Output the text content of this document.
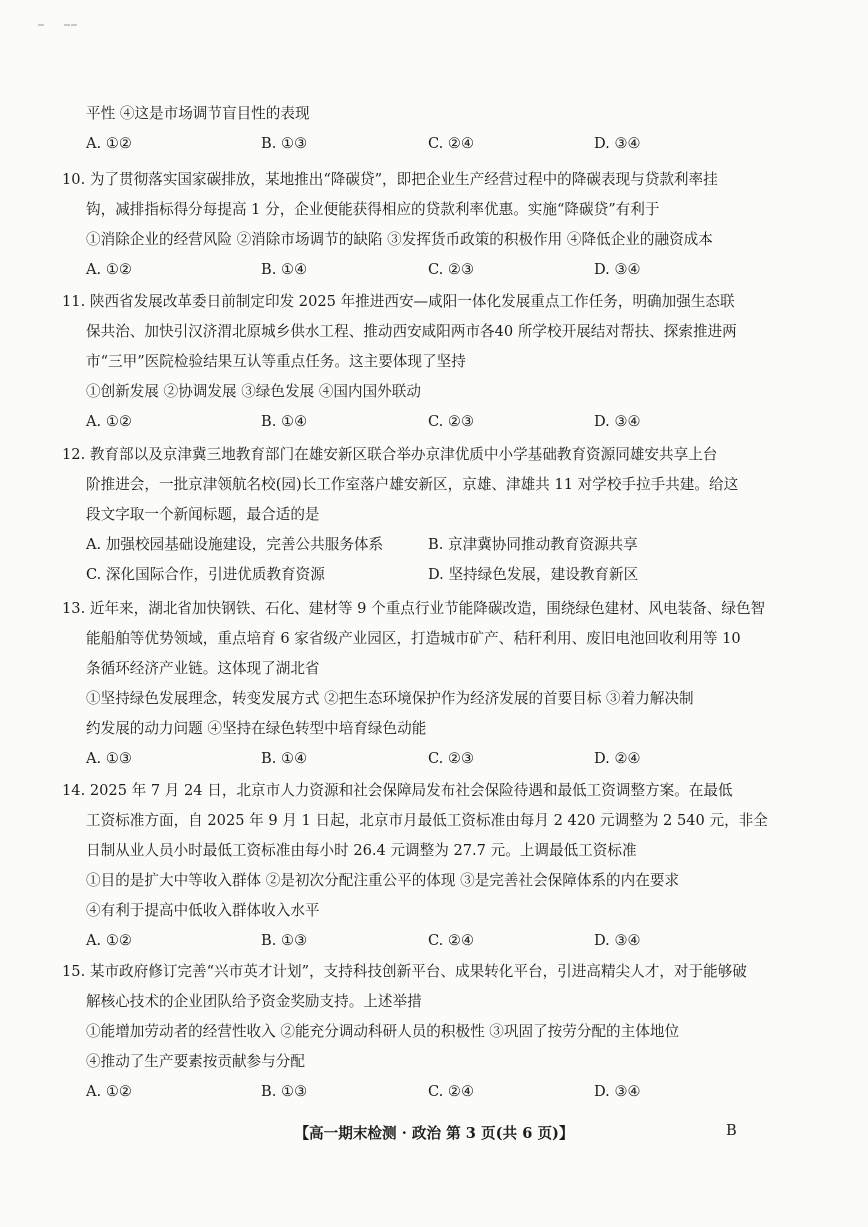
平性 ④这是市场调节盲目性的表现
A. ①②	B. ①③	C. ②④	D. ③④
10. 为了贯彻落实国家碳排放，某地推出“降碳贷”，即把企业生产经营过程中的降碳表现与贷款利率挂
钩，减排指标得分每提高 1 分，企业便能获得相应的贷款利率优惠。实施“降碳贷”有利于
①消除企业的经营风险 ②消除市场调节的缺陷 ③发挥货币政策的积极作用 ④降低企业的融资成本
A. ①②	B. ①④	C. ②③	D. ③④
11. 陕西省发展改革委日前制定印发 2025 年推进西安—咸阳一体化发展重点工作任务，明确加强生态联
保共治、加快引汉济渭北原城乡供水工程、推动西安咸阳两市各40 所学校开展结对帮扶、探索推进两
市“三甲”医院检验结果互认等重点任务。这主要体现了坚持
①创新发展 ②协调发展 ③绿色发展 ④国内国外联动
A. ①②	B. ①④	C. ②③	D. ③④
12. 教育部以及京津冀三地教育部门在雄安新区联合举办京津优质中小学基础教育资源同雄安共享上台
阶推进会，一批京津领航名校(园)长工作室落户雄安新区，京雄、津雄共 11 对学校手拉手共建。给这
段文字取一个新闻标题，最合适的是
A. 加强校园基础设施建设，完善公共服务体系	B. 京津冀协同推动教育资源共享
C. 深化国际合作，引进优质教育资源	D. 坚持绿色发展，建设教育新区
13. 近年来，湖北省加快钢铁、石化、建材等 9 个重点行业节能降碳改造，围绕绿色建材、风电装备、绿色智
能船舶等优势领域，重点培育 6 家省级产业园区，打造城市矿产、秸秆利用、废旧电池回收利用等 10
条循环经济产业链。这体现了湖北省
①坚持绿色发展理念，转变发展方式 ②把生态环境保护作为经济发展的首要目标 ③着力解决制
约发展的动力问题 ④坚持在绿色转型中培育绿色动能
A. ①③	B. ①④	C. ②③	D. ②④
14. 2025 年 7 月 24 日，北京市人力资源和社会保障局发布社会保险待遇和最低工资调整方案。在最低
工资标准方面，自 2025 年 9 月 1 日起，北京市月最低工资标准由每月 2 420 元调整为 2 540 元，非全
日制从业人员小时最低工资标准由每小时 26.4 元调整为 27.7 元。上调最低工资标准
①目的是扩大中等收入群体 ②是初次分配注重公平的体现 ③是完善社会保障体系的内在要求
④有利于提高中低收入群体收入水平
A. ①②	B. ①③	C. ②④	D. ③④
15. 某市政府修订完善“兴市英才计划”，支持科技创新平台、成果转化平台，引进高精尖人才，对于能够破
解核心技术的企业团队给予资金奖励支持。上述举措
①能增加劳动者的经营性收入 ②能充分调动科研人员的积极性 ③巩固了按劳分配的主体地位
④推动了生产要素按贡献参与分配
A. ①②	B. ①③	C. ②④	D. ③④
【高一期末检测 · 政治 第 3 页(共 6 页)】	B
